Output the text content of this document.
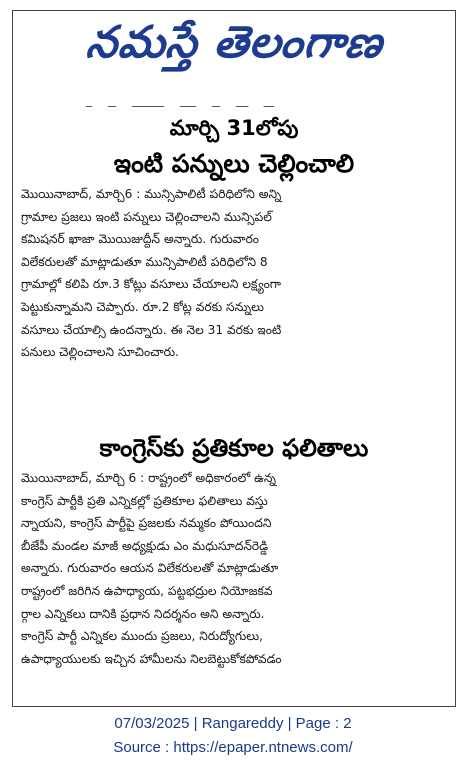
నమస్తే తెలంగాణ
మార్చి 31లోపు
ఇంటి పన్నులు చెల్లించాలి
మొయినాబాద్, మార్చి6 : మున్సిపాలిటీ పరిధిలోని అన్ని
గ్రామాల ప్రజలు ఇంటి పన్నులు చెల్లించాలని మున్సిపల్
కమిషనర్ ఖాజా మొయిజుద్దీన్ అన్నారు. గురువారం
విలేకరులతో మాట్లాడుతూ మున్సిపాలిటీ పరిధిలోని 8
గ్రామాల్లో కలిపి రూ.3 కోట్లు వసూలు చేయాలని లక్ష్యంగా
పెట్టుకున్నామని చెప్పారు. రూ.2 కోట్ల వరకు సన్నులు
వసూలు చేయాల్సి ఉందన్నారు. ఈ నెల 31 వరకు ఇంటి
పనులు చెల్లించాలని సూచించారు.
కాంగ్రెస్‌కు ప్రతికూల ఫలితాలు
మొయినాబాద్, మార్చి 6 : రాష్ట్రంలో అధికారంలో ఉన్న
కాంగ్రెస్ పార్టీకి ప్రతి ఎన్నికల్లో ప్రతికూల ఫలితాలు వస్తు
న్నాయని, కాంగ్రెస్ పార్టీపై ప్రజలకు నమ్మకం పోయిందని
బీజేపీ మండల మాజీ అధ్యక్షుడు ఎం మధుసూదన్‌రెడ్డి
అన్నారు. గురువారం ఆయన విలేకరులతో మాట్లాడుతూ
రాష్ట్రంలో జరిగిన ఉపాధ్యాయ, పట్టభద్రుల నియోజకవ
ర్గాల ఎన్నికలు దానికి ప్రధాన నిదర్శనం అని అన్నారు.
కాంగ్రెస్ పార్టీ ఎన్నికల ముందు ప్రజలు, నిరుద్యోగులు,
ఉపాధ్యాయులకు ఇచ్చిన హామీలను నిలబెట్టుకోకపోవడం
07/03/2025 | Rangareddy | Page : 2
Source : https://epaper.ntnews.com/
